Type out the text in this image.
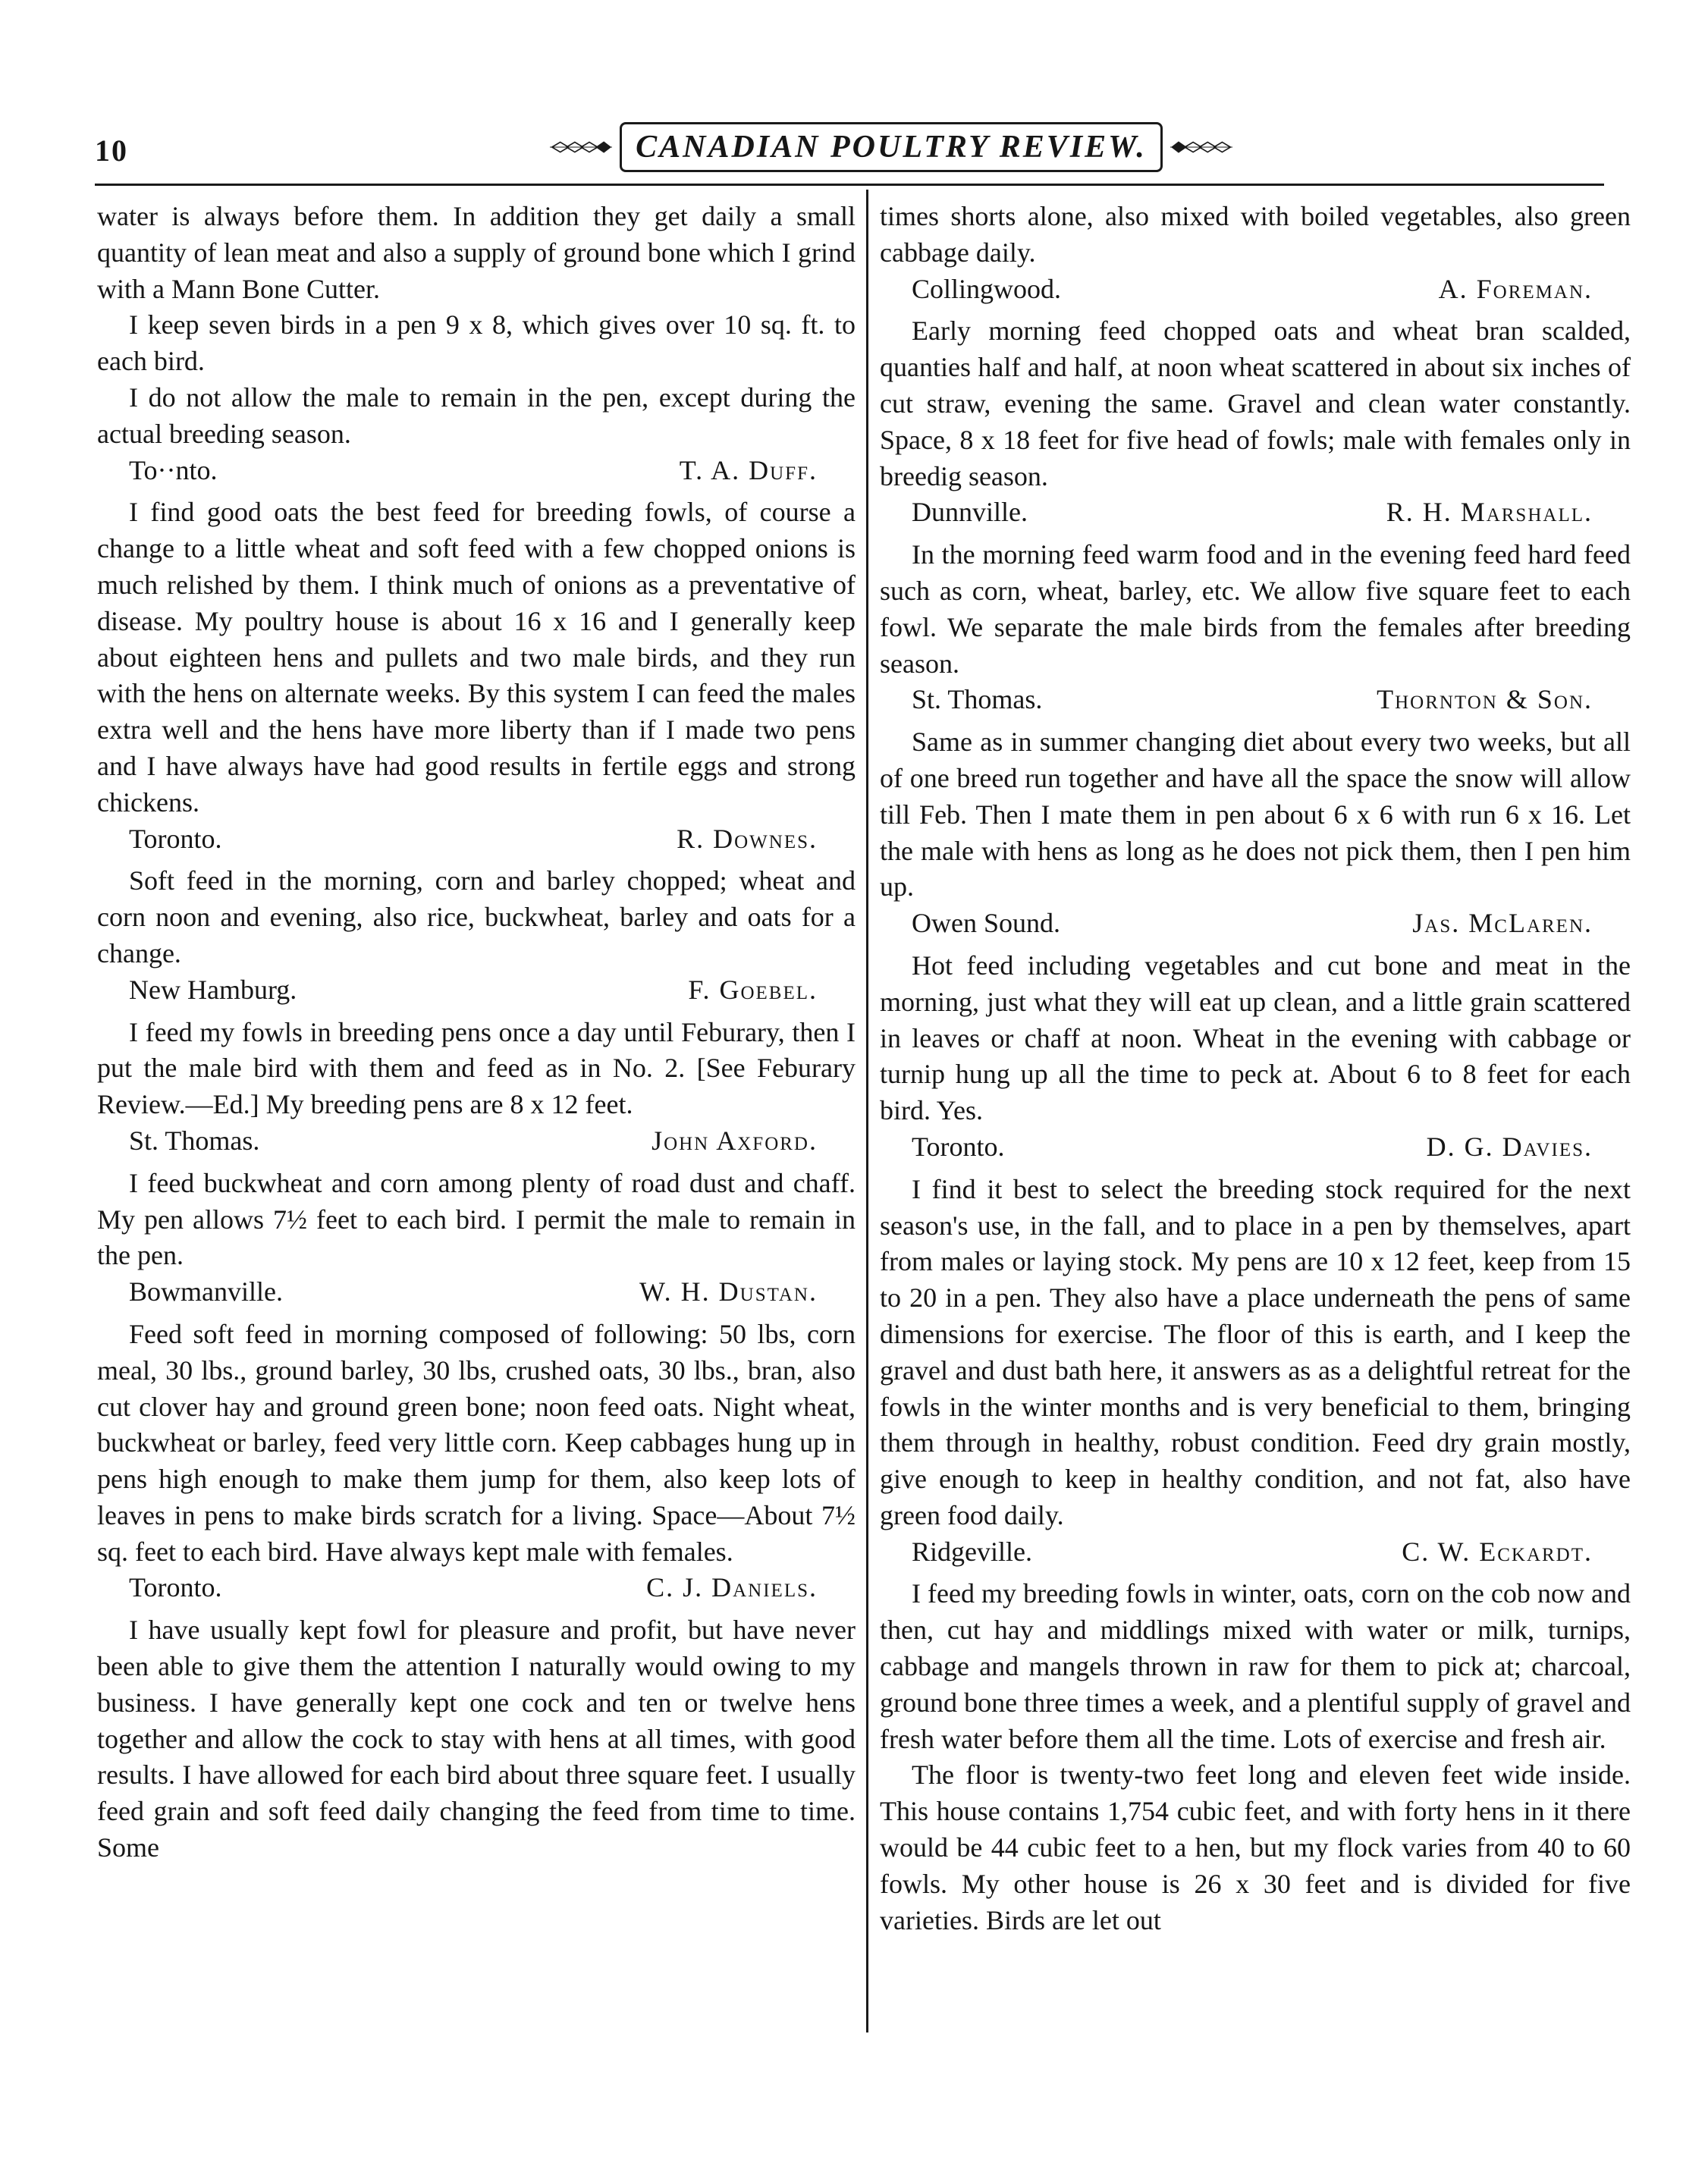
10	CANADIAN POULTRY REVIEW.

water is always before them. In addition they get daily a small quantity of lean meat and also a supply of ground bone which I grind with a Mann Bone Cutter.

I keep seven birds in a pen 9 x 8, which gives over 10 sq. ft. to each bird.

I do not allow the male to remain in the pen, except during the actual breeding season.

To··nto.	T. A. Duff.

I find good oats the best feed for breeding fowls, of course a change to a little wheat and soft feed with a few chopped onions is much relished by them. I think much of onions as a preventative of disease. My poultry house is about 16 x 16 and I generally keep about eighteen hens and pullets and two male birds, and they run with the hens on alternate weeks. By this system I can feed the males extra well and the hens have more liberty than if I made two pens and I have always have had good results in fertile eggs and strong chickens.

Toronto.	R. Downes.

Soft feed in the morning, corn and barley chopped; wheat and corn noon and evening, also rice, buckwheat, barley and oats for a change.

New Hamburg.	F. Goebel.

I feed my fowls in breeding pens once a day until Feburary, then I put the male bird with them and feed as in No. 2. [See Feburary Review.—Ed.] My breeding pens are 8 x 12 feet.

St. Thomas.	John Axford.

I feed buckwheat and corn among plenty of road dust and chaff. My pen allows 7½ feet to each bird. I permit the male to remain in the pen.

Bowmanville.	W. H. Dustan.

Feed soft feed in morning composed of following: 50 lbs, corn meal, 30 lbs., ground barley, 30 lbs, crushed oats, 30 lbs., bran, also cut clover hay and ground green bone; noon feed oats. Night wheat, buckwheat or barley, feed very little corn. Keep cabbages hung up in pens high enough to make them jump for them, also keep lots of leaves in pens to make birds scratch for a living. Space—About 7½ sq. feet to each bird. Have always kept male with females.

Toronto.	C. J. Daniels.

I have usually kept fowl for pleasure and profit, but have never been able to give them the attention I naturally would owing to my business. I have generally kept one cock and ten or twelve hens together and allow the cock to stay with hens at all times, with good results. I have allowed for each bird about three square feet. I usually feed grain and soft feed daily changing the feed from time to time. Some

times shorts alone, also mixed with boiled vegetables, also green cabbage daily.

Collingwood.	A. Foreman.

Early morning feed chopped oats and wheat bran scalded, quanties half and half, at noon wheat scattered in about six inches of cut straw, evening the same. Gravel and clean water constantly. Space, 8 x 18 feet for five head of fowls; male with females only in breedig season.

Dunnville.	R. H. Marshall.

In the morning feed warm food and in the evening feed hard feed such as corn, wheat, barley, etc. We allow five square feet to each fowl. We separate the male birds from the females after breeding season.

St. Thomas.	Thornton & Son.

Same as in summer changing diet about every two weeks, but all of one breed run together and have all the space the snow will allow till Feb. Then I mate them in pen about 6 x 6 with run 6 x 16. Let the male with hens as long as he does not pick them, then I pen him up.

Owen Sound.	Jas. McLaren.

Hot feed including vegetables and cut bone and meat in the morning, just what they will eat up clean, and a little grain scattered in leaves or chaff at noon. Wheat in the evening with cabbage or turnip hung up all the time to peck at. About 6 to 8 feet for each bird. Yes.

Toronto.	D. G. Davies.

I find it best to select the breeding stock required for the next season's use, in the fall, and to place in a pen by themselves, apart from males or laying stock. My pens are 10 x 12 feet, keep from 15 to 20 in a pen. They also have a place underneath the pens of same dimensions for exercise. The floor of this is earth, and I keep the gravel and dust bath here, it answers as as a delightful retreat for the fowls in the winter months and is very beneficial to them, bringing them through in healthy, robust condition. Feed dry grain mostly, give enough to keep in healthy condition, and not fat, also have green food daily.

Ridgeville.	C. W. Eckardt.

I feed my breeding fowls in winter, oats, corn on the cob now and then, cut hay and middlings mixed with water or milk, turnips, cabbage and mangels thrown in raw for them to pick at; charcoal, ground bone three times a week, and a plentiful supply of gravel and fresh water before them all the time. Lots of exercise and fresh air.

The floor is twenty-two feet long and eleven feet wide inside. This house contains 1,754 cubic feet, and with forty hens in it there would be 44 cubic feet to a hen, but my flock varies from 40 to 60 fowls. My other house is 26 x 30 feet and is divided for five varieties. Birds are let out
